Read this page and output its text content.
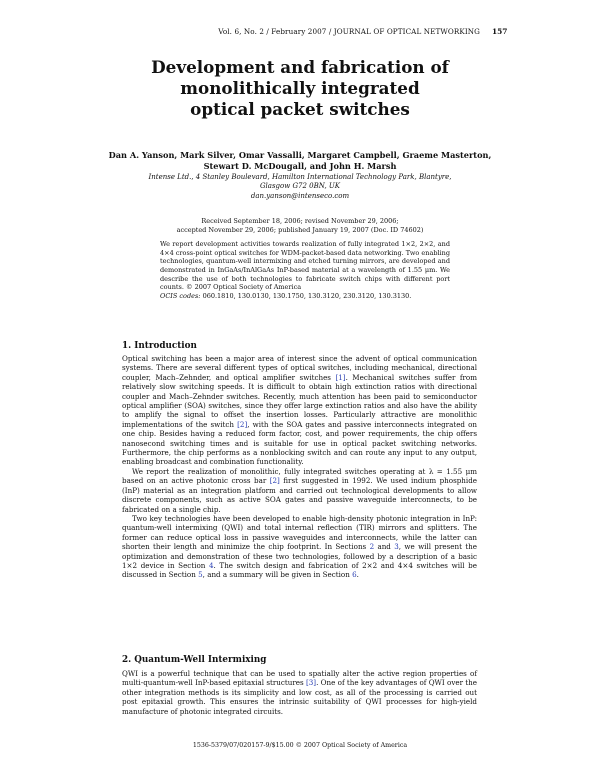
Vol. 6, No. 2 / February 2007 / JOURNAL OF OPTICAL NETWORKING 157
Development and fabrication of
monolithically integrated
optical packet switches
Dan A. Yanson, Mark Silver, Omar Vassalli, Margaret Campbell, Graeme Masterton, Stewart D. McDougall, and John H. Marsh
Intense Ltd., 4 Stanley Boulevard, Hamilton International Technology Park, Blantyre,
Glasgow G72 0BN, UK
dan.yanson@intenseco.com
Received September 18, 2006; revised November 29, 2006;
accepted November 29, 2006; published January 19, 2007 (Doc. ID 74602)

We report development activities towards realization of fully integrated 1×2, 2×2, and 4×4 cross-point optical switches for WDM-packet-based data networking. Two enabling technologies, quantum-well intermixing and etched turning mirrors, are developed and demonstrated in InGaAs/InAlGaAs InP-based material at a wavelength of 1.55 μm. We describe the use of both technologies to fabricate switch chips with different port counts. © 2007 Optical Society of America

OCIS codes: 060.1810, 130.0130, 130.1750, 130.3120, 230.3120, 130.3130.

1. Introduction

Optical switching has been a major area of interest since the advent of optical communication systems. There are several different types of optical switches, including mechanical, directional coupler, Mach–Zehnder, and optical amplifier switches [1]. Mechanical switches suffer from relatively slow switching speeds. It is difficult to obtain high extinction ratios with directional coupler and Mach–Zehnder switches. Recently, much attention has been paid to semiconductor optical amplifier (SOA) switches, since they offer large extinction ratios and also have the ability to amplify the signal to offset the insertion losses. Particularly attractive are monolithic implementations of the switch [2], with the SOA gates and passive interconnects integrated on one chip. Besides having a reduced form factor, cost, and power requirements, the chip offers nanosecond switching times and is suitable for use in optical packet switching networks. Furthermore, the chip performs as a nonblocking switch and can route any input to any output, enabling broadcast and combination functionality.

We report the realization of monolithic, fully integrated switches operating at λ = 1.55 μm based on an active photonic cross bar [2] first suggested in 1992. We used indium phosphide (InP) material as an integration platform and carried out technological developments to allow discrete components, such as active SOA gates and passive waveguide interconnects, to be fabricated on a single chip.

Two key technologies have been developed to enable high-density photonic integration in InP: quantum-well intermixing (QWI) and total internal reflection (TIR) mirrors and splitters. The former can reduce optical loss in passive waveguides and interconnects, while the latter can shorten their length and minimize the chip footprint. In Sections 2 and 3, we will present the optimization and demonstration of these two technologies, followed by a description of a basic 1×2 device in Section 4. The switch design and fabrication of 2×2 and 4×4 switches will be discussed in Section 5, and a summary will be given in Section 6.

2. Quantum-Well Intermixing

QWI is a powerful technique that can be used to spatially alter the active region properties of multi-quantum-well InP-based epitaxial structures [3]. One of the key advantages of QWI over the other integration methods is its simplicity and low cost, as all of the processing is carried out post epitaxial growth. This ensures the intrinsic suitability of QWI processes for high-yield manufacture of photonic integrated circuits.

1536-5379/07/020157-9/$15.00 © 2007 Optical Society of America
